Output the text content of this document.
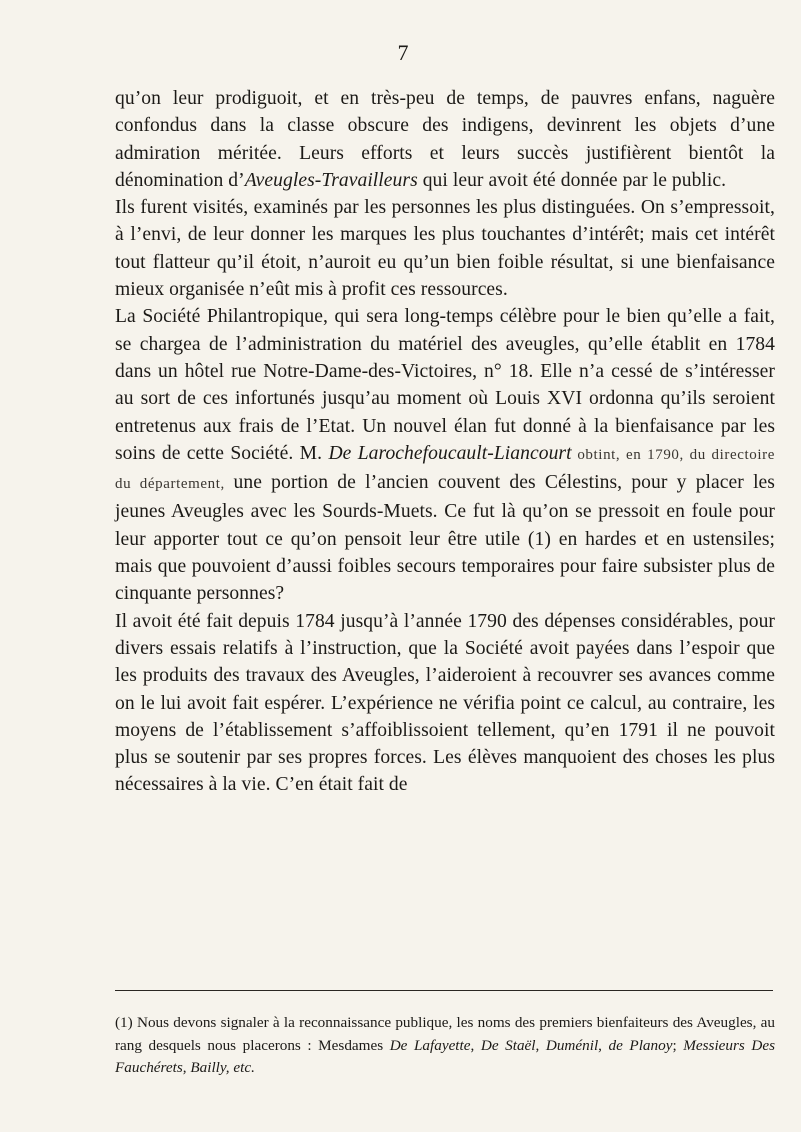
7

qu’on leur prodiguoit, et en très-peu de temps, de pauvres enfans, naguère confondus dans la classe obscure des indigens, devinrent les objets d’une admiration méritée. Leurs efforts et leurs succès justifièrent bientôt la dénomination d’Aveugles-Travailleurs qui leur avoit été donnée par le public.

Ils furent visités, examinés par les personnes les plus distinguées. On s’empressoit, à l’envi, de leur donner les marques les plus touchantes d’intérêt; mais cet intérêt tout flatteur qu’il étoit, n’auroit eu qu’un bien foible résultat, si une bienfaisance mieux organisée n’eût mis à profit ces ressources.

La Société Philantropique, qui sera long-temps célèbre pour le bien qu’elle a fait, se chargea de l’administration du matériel des aveugles, qu’elle établit en 1784 dans un hôtel rue Notre-Dame-des-Victoires, n° 18. Elle n’a cessé de s’intéresser au sort de ces infortunés jusqu’au moment où Louis XVI ordonna qu’ils seroient entretenus aux frais de l’Etat. Un nouvel élan fut donné à la bienfaisance par les soins de cette Société. M. De Larochefoucault-Liancourt obtint, en 1790, du directoire du département, une portion de l’ancien couvent des Célestins, pour y placer les jeunes Aveugles avec les Sourds-Muets. Ce fut là qu’on se pressoit en foule pour leur apporter tout ce qu’on pensoit leur être utile (1) en hardes et en ustensiles; mais que pouvoient d’aussi foibles secours temporaires pour faire subsister plus de cinquante personnes?

Il avoit été fait depuis 1784 jusqu’à l’année 1790 des dépenses considérables, pour divers essais relatifs à l’instruction, que la Société avoit payées dans l’espoir que les produits des travaux des Aveugles, l’aideroient à recouvrer ses avances comme on le lui avoit fait espérer. L’expérience ne vérifia point ce calcul, au contraire, les moyens de l’établissement s’affoiblissoient tellement, qu’en 1791 il ne pouvoit plus se soutenir par ses propres forces. Les élèves manquoient des choses les plus nécessaires à la vie. C’en était fait de

(1) Nous devons signaler à la reconnaissance publique, les noms des premiers bienfaiteurs des Aveugles, au rang desquels nous placerons : Mesdames De Lafayette, De Staël, Duménil, de Planoy; Messieurs Des Fauchérets, Bailly, etc.
